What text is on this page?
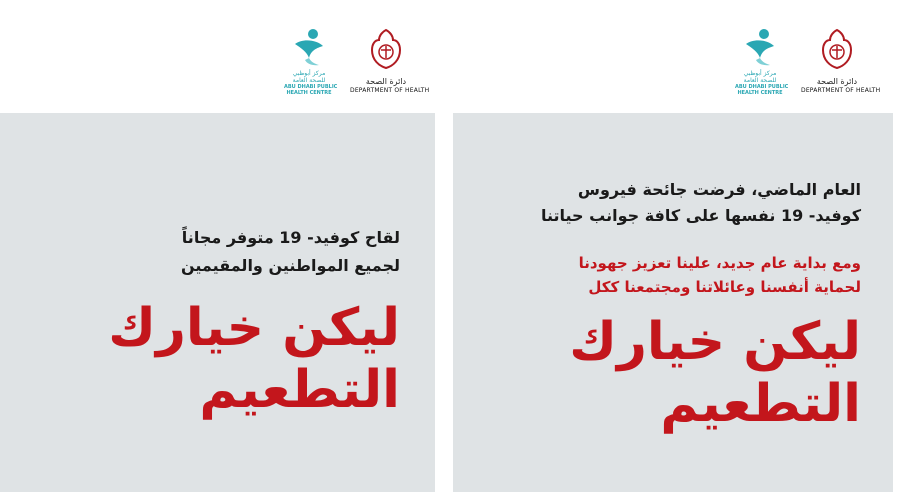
مركز أبوظبي
للصحة العامة
ABU DHABI PUBLIC
HEALTH CENTRE
دائرة الصحة
DEPARTMENT OF HEALTH
لقاح كوفيد- 19 متوفر مجاناً
لجميع المواطنين والمقيمين
ليكن خيارك
التطعيم
مركز أبوظبي
للصحة العامة
ABU DHABI PUBLIC
HEALTH CENTRE
دائرة الصحة
DEPARTMENT OF HEALTH
العام الماضي، فرضت جائحة فيروس
كوفيد- 19 نفسها على كافة جوانب حياتنا
ومع بداية عام جديد، علينا تعزيز جهودنا
لحماية أنفسنا وعائلاتنا ومجتمعنا ككل
ليكن خيارك
التطعيم
